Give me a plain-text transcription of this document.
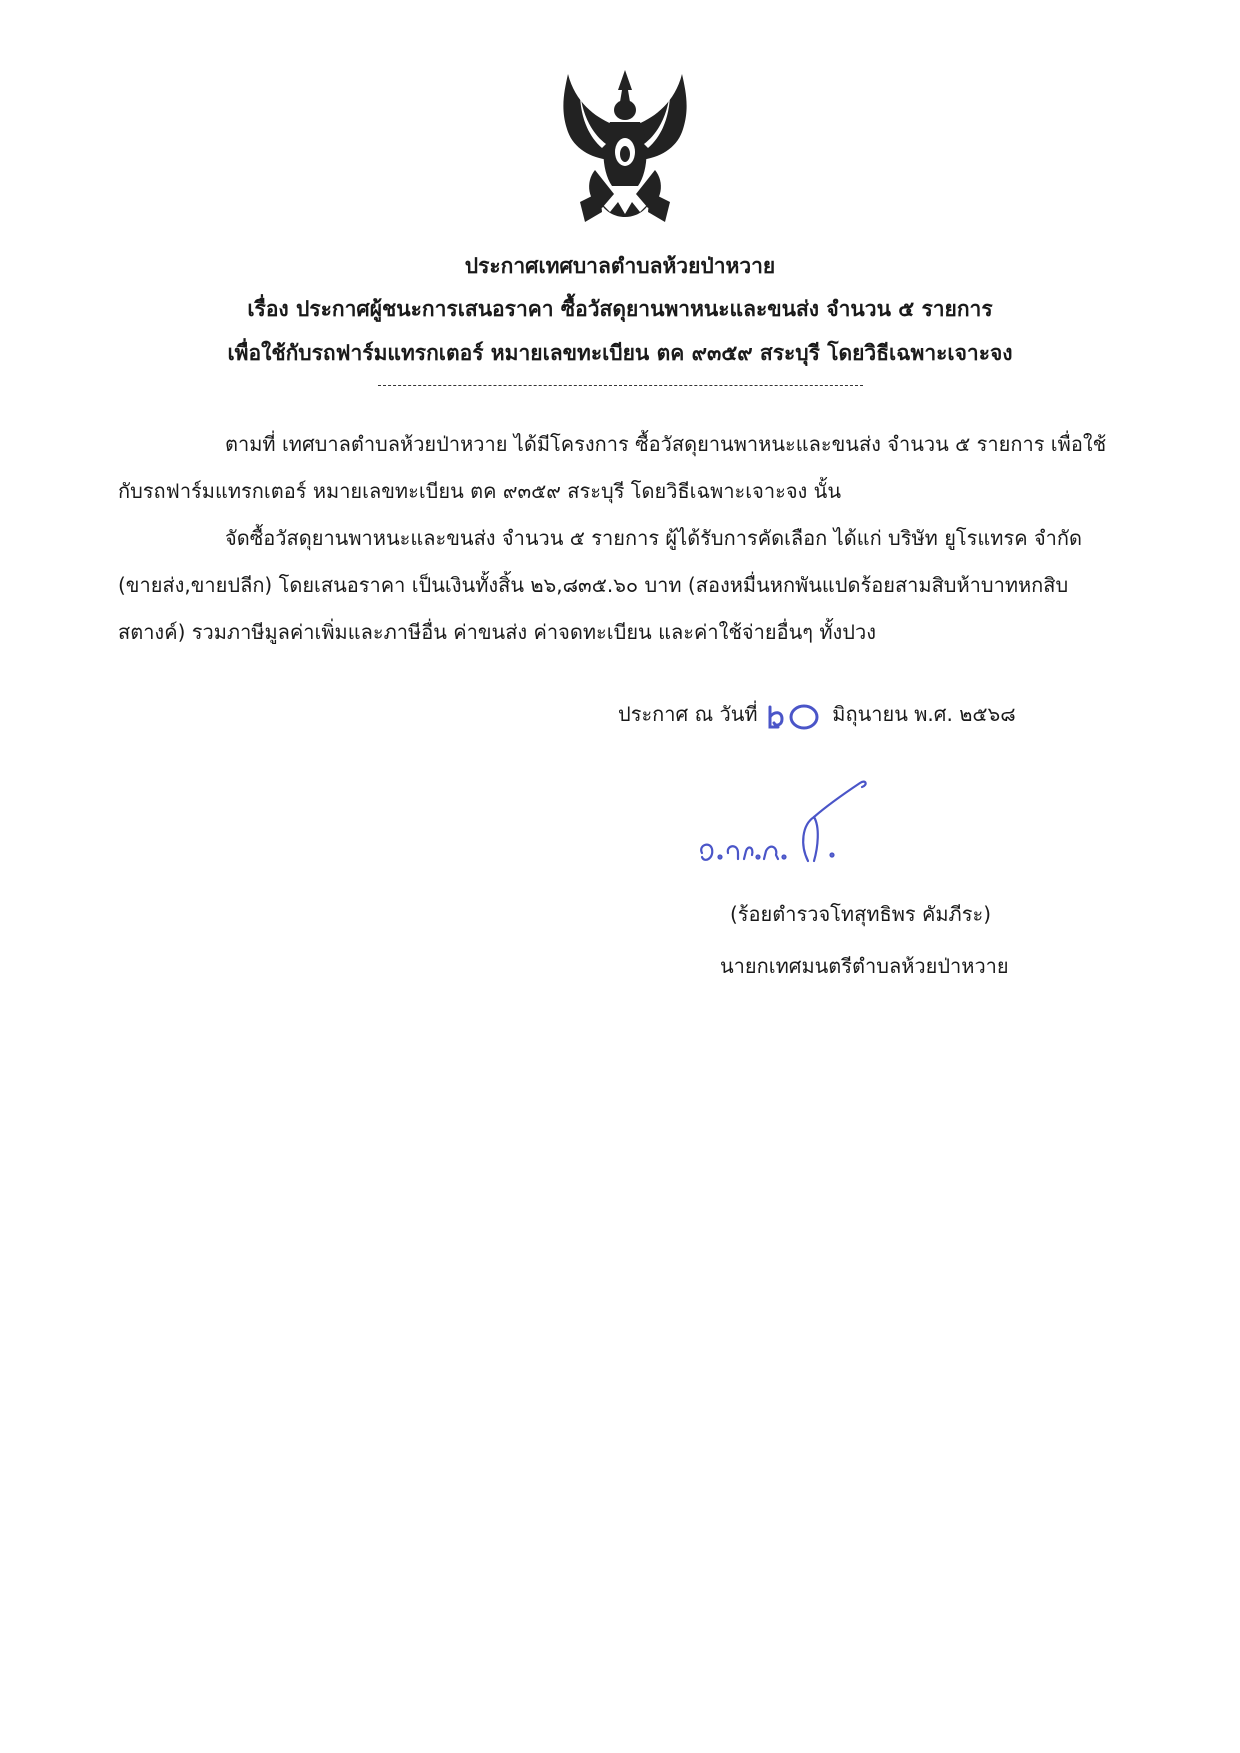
ประกาศเทศบาลตำบลห้วยป่าหวาย
เรื่อง ประกาศผู้ชนะการเสนอราคา ซื้อวัสดุยานพาหนะและขนส่ง จำนวน ๕ รายการ
เพื่อใช้กับรถฟาร์มแทรกเตอร์ หมายเลขทะเบียน ตค ๙๓๕๙ สระบุรี โดยวิธีเฉพาะเจาะจง
ตามที่ เทศบาลตำบลห้วยป่าหวาย ได้มีโครงการ ซื้อวัสดุยานพาหนะและขนส่ง จำนวน ๕ รายการ เพื่อใช้
กับรถฟาร์มแทรกเตอร์ หมายเลขทะเบียน ตค ๙๓๕๙ สระบุรี โดยวิธีเฉพาะเจาะจง นั้น
จัดซื้อวัสดุยานพาหนะและขนส่ง จำนวน ๕ รายการ ผู้ได้รับการคัดเลือก ได้แก่ บริษัท ยูโรแทรค จำกัด
(ขายส่ง,ขายปลีก) โดยเสนอราคา เป็นเงินทั้งสิ้น ๒๖,๘๓๕.๖๐ บาท (สองหมื่นหกพันแปดร้อยสามสิบห้าบาทหกสิบ
สตางค์) รวมภาษีมูลค่าเพิ่มและภาษีอื่น ค่าขนส่ง ค่าจดทะเบียน และค่าใช้จ่ายอื่นๆ ทั้งปวง
ประกาศ ณ วันที่	มิถุนายน พ.ศ. ๒๕๖๘
(ร้อยตำรวจโทสุทธิพร คัมภีระ)
นายกเทศมนตรีตำบลห้วยป่าหวาย
